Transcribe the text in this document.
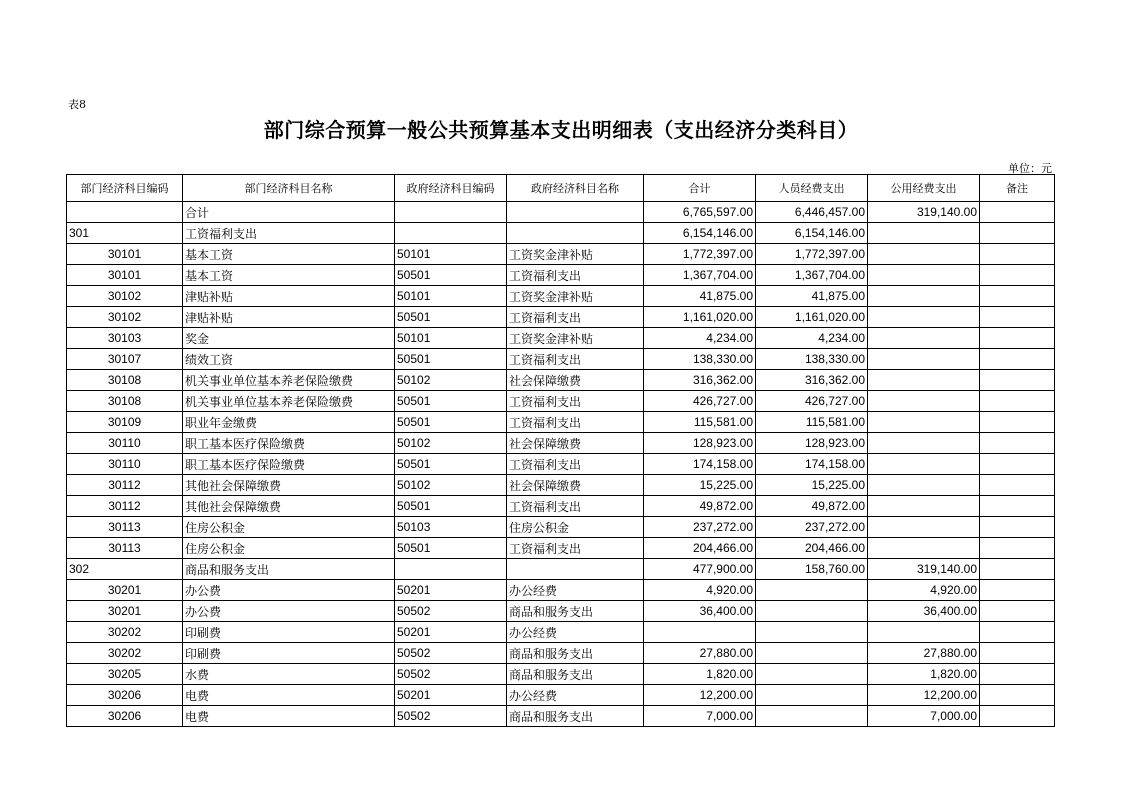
表8
部门综合预算一般公共预算基本支出明细表（支出经济分类科目）
单位：元
部门经济科目编码	部门经济科目名称	政府经济科目编码	政府经济科目名称	合计	人员经费支出	公用经费支出	备注
	合计			6,765,597.00	6,446,457.00	319,140.00	
301	工资福利支出			6,154,146.00	6,154,146.00		
30101	基本工资	50101	工资奖金津补贴	1,772,397.00	1,772,397.00		
30101	基本工资	50501	工资福利支出	1,367,704.00	1,367,704.00		
30102	津贴补贴	50101	工资奖金津补贴	41,875.00	41,875.00		
30102	津贴补贴	50501	工资福利支出	1,161,020.00	1,161,020.00		
30103	奖金	50101	工资奖金津补贴	4,234.00	4,234.00		
30107	绩效工资	50501	工资福利支出	138,330.00	138,330.00		
30108	机关事业单位基本养老保险缴费	50102	社会保障缴费	316,362.00	316,362.00		
30108	机关事业单位基本养老保险缴费	50501	工资福利支出	426,727.00	426,727.00		
30109	职业年金缴费	50501	工资福利支出	115,581.00	115,581.00		
30110	职工基本医疗保险缴费	50102	社会保障缴费	128,923.00	128,923.00		
30110	职工基本医疗保险缴费	50501	工资福利支出	174,158.00	174,158.00		
30112	其他社会保障缴费	50102	社会保障缴费	15,225.00	15,225.00		
30112	其他社会保障缴费	50501	工资福利支出	49,872.00	49,872.00		
30113	住房公积金	50103	住房公积金	237,272.00	237,272.00		
30113	住房公积金	50501	工资福利支出	204,466.00	204,466.00		
302	商品和服务支出			477,900.00	158,760.00	319,140.00	
30201	办公费	50201	办公经费	4,920.00		4,920.00	
30201	办公费	50502	商品和服务支出	36,400.00		36,400.00	
30202	印刷费	50201	办公经费				
30202	印刷费	50502	商品和服务支出	27,880.00		27,880.00	
30205	水费	50502	商品和服务支出	1,820.00		1,820.00	
30206	电费	50201	办公经费	12,200.00		12,200.00	
30206	电费	50502	商品和服务支出	7,000.00		7,000.00	
